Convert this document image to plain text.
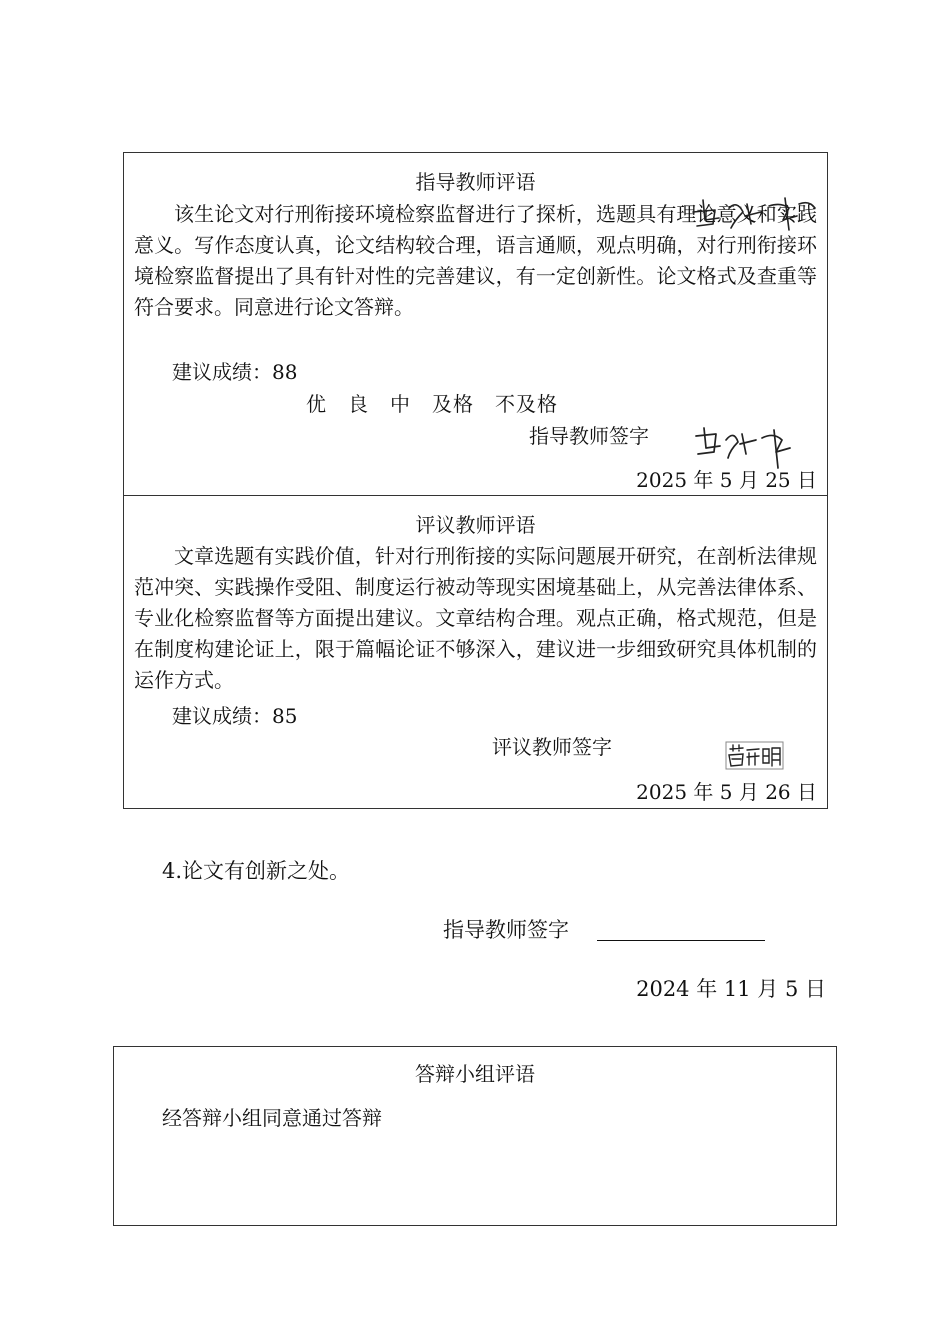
指导教师评语

该生论文对行刑衔接环境检察监督进行了探析，选题具有理论意义和实践意义。写作态度认真，论文结构较合理，语言通顺，观点明确，对行刑衔接环境检察监督提出了具有针对性的完善建议，有一定创新性。论文格式及查重等符合要求。同意进行论文答辩。

建议成绩：88
优　良　中　及格　不及格
指导教师签字
2025 年 5 月 25 日
评议教师评语

文章选题有实践价值，针对行刑衔接的实际问题展开研究，在剖析法律规范冲突、实践操作受阻、制度运行被动等现实困境基础上，从完善法律体系、专业化检察监督等方面提出建议。文章结构合理。观点正确，格式规范，但是在制度构建论证上，限于篇幅论证不够深入，建议进一步细致研究具体机制的运作方式。

建议成绩：85
评议教师签字
2025 年 5 月 26 日
4.论文有创新之处。
指导教师签字
2024 年 11 月 5 日
答辩小组评语
经答辩小组同意通过答辩
